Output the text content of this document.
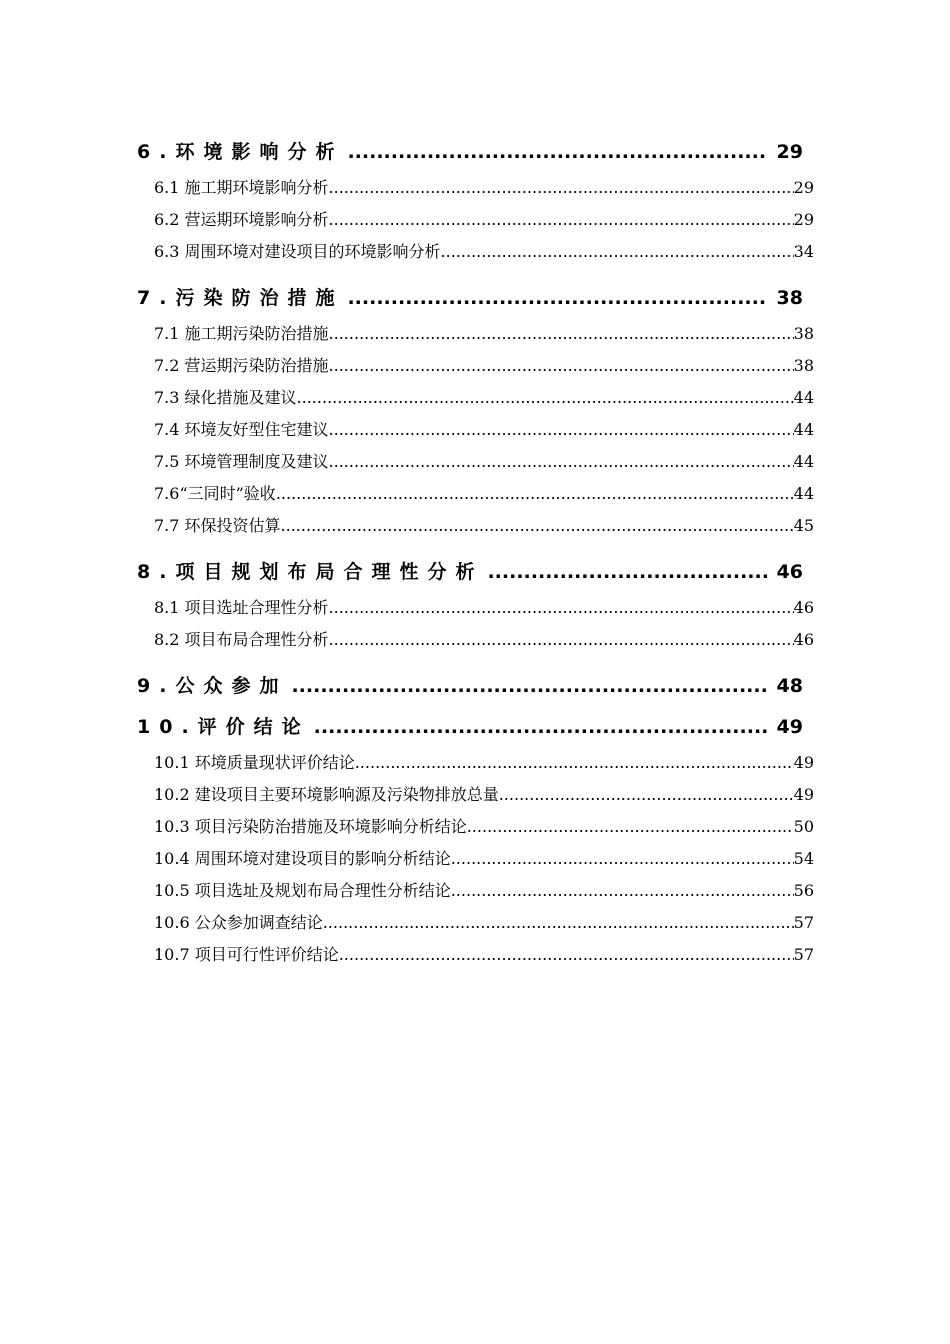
6.环境影响分析 .....	29
6.1 施工期环境影响分析 .....	29
6.2 营运期环境影响分析 .....	29
6.3 周围环境对建设项目的环境影响分析 .....	34
7.污染防治措施 .....	38
7.1 施工期污染防治措施 .....	38
7.2 营运期污染防治措施 .....	38
7.3 绿化措施及建议 .....	44
7.4 环境友好型住宅建议 .....	44
7.5 环境管理制度及建议 .....	44
7.6“三同时”验收 .....	44
7.7 环保投资估算 .....	45
8.项目规划布局合理性分析 .....	46
8.1 项目选址合理性分析 .....	46
8.2 项目布局合理性分析 .....	46
9.公众参加 .....	48
10.评价结论 .....	49
10.1 环境质量现状评价结论 .....	49
10.2 建设项目主要环境影响源及污染物排放总量 .....	49
10.3 项目污染防治措施及环境影响分析结论 .....	50
10.4 周围环境对建设项目的影响分析结论 .....	54
10.5 项目选址及规划布局合理性分析结论 .....	56
10.6 公众参加调查结论 .....	57
10.7 项目可行性评价结论 .....	57
